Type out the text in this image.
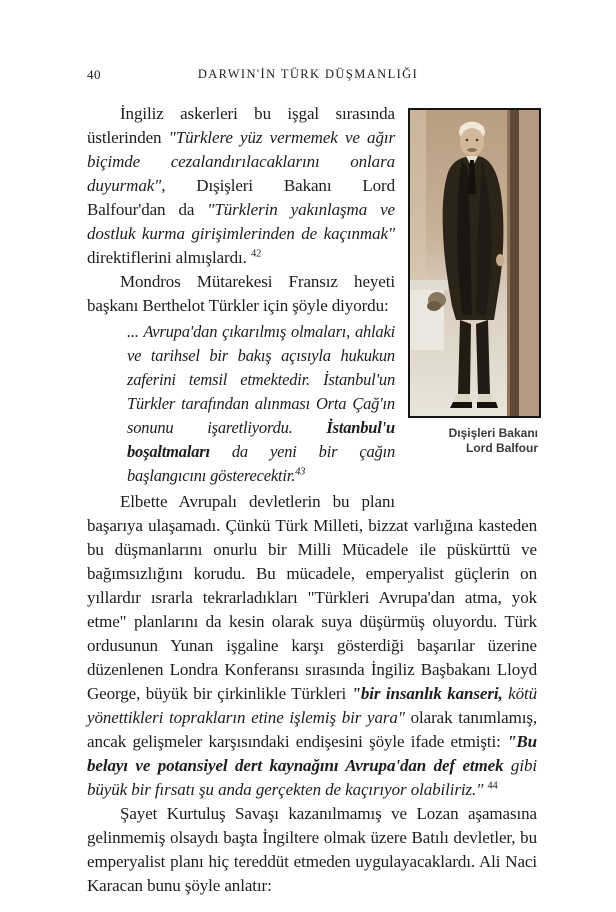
40	DARWIN'İN TÜRK DÜŞMANLIĞI
Dışişleri Bakanı
Lord Balfour

İngiliz askerleri bu işgal sırasında üstlerinden "Türklere yüz vermemek ve ağır biçimde cezalandırılacaklarını onlara duyurmak", Dışişleri Bakanı Lord Balfour'dan da "Türklerin yakınlaşma ve dostluk kurma girişimlerinden de kaçınmak" direktiflerini almışlardı. $^{42}$

Mondros Mütarekesi Fransız heyeti başkanı Berthelot Türkler için şöyle diyordu:

... Avrupa'dan çıkarılmış olmaları, ahlaki ve tarihsel bir bakış açısıyla hukukun zaferini temsil etmektedir. İstanbul'un Türkler tarafından alınması Orta Çağ'ın sonunu işaretliyordu. İstanbul'u boşaltmaları da yeni bir çağın başlangıcını gösterecektir.$^{43}$

Elbette Avrupalı devletlerin bu planı başarıya ulaşamadı. Çünkü Türk Milleti, bizzat varlığına kasteden bu düşmanlarını onurlu bir Milli Mücadele ile püskürttü ve bağımsızlığını korudu. Bu mücadele, emperyalist güçlerin on yıllardır ısrarla tekrarladıkları "Türkleri Avrupa'dan atma, yok etme" planlarını da kesin olarak suya düşürmüş oluyordu. Türk ordusunun Yunan işgaline karşı gösterdiği başarılar üzerine düzenlenen Londra Konferansı sırasında İngiliz Başbakanı Lloyd George, büyük bir çirkinlikle Türkleri "bir insanlık kanseri, kötü yönettikleri toprakların etine işlemiş bir yara" olarak tanımlamış, ancak gelişmeler karşısındaki endişesini şöyle ifade etmişti: "Bu belayı ve potansiyel dert kaynağını Avrupa'dan def etmek gibi büyük bir fırsatı şu anda gerçekten de kaçırıyor olabiliriz." $^{44}$

Şayet Kurtuluş Savaşı kazanılmamış ve Lozan aşamasına gelinmemiş olsaydı başta İngiltere olmak üzere Batılı devletler, bu emperyalist planı hiç tereddüt etmeden uygulayacaklardı. Ali Naci Karacan bunu şöyle anlatır:
